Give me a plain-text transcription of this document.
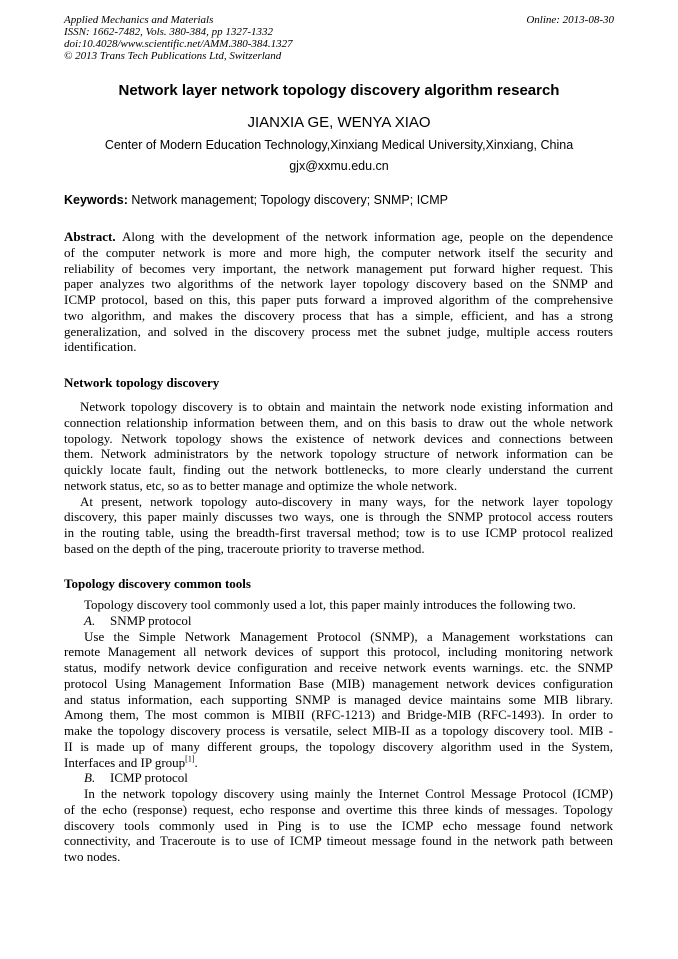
Applied Mechanics and Materials
ISSN: 1662-7482, Vols. 380-384, pp 1327-1332
doi:10.4028/www.scientific.net/AMM.380-384.1327
© 2013 Trans Tech Publications Ltd, Switzerland
Online: 2013-08-30
Network layer network topology discovery algorithm research
JIANXIA GE, WENYA XIAO
Center of Modern Education Technology,Xinxiang Medical University,Xinxiang, China
gjx@xxmu.edu.cn
Keywords: Network management; Topology discovery; SNMP; ICMP
Abstract. Along with the development of the network information age, people on the dependence
of the computer network is more and more high, the computer network itself the security and
reliability of becomes very important, the network management put forward higher request. This
paper analyzes two algorithms of the network layer topology discovery based on the SNMP and
ICMP protocol, based on this, this paper puts forward a improved algorithm of the comprehensive
two algorithm, and makes the discovery process that has a simple, efficient, and has a strong
generalization, and solved in the discovery process met the subnet judge, multiple access routers
identification.
Network topology discovery
Network topology discovery is to obtain and maintain the network node existing information and
connection relationship information between them, and on this basis to draw out the whole network
topology. Network topology shows the existence of network devices and connections between
them. Network administrators by the network topology structure of network information can be
quickly locate fault, finding out the network bottlenecks, to more clearly understand the current
network status, etc, so as to better manage and optimize the whole network.
At present, network topology auto-discovery in many ways, for the network layer topology
discovery, this paper mainly discusses two ways, one is through the SNMP protocol access routers
in the routing table, using the breadth-first traversal method; tow is to use ICMP protocol realized
based on the depth of the ping, traceroute priority to traverse method.
Topology discovery common tools
Topology discovery tool commonly used a lot, this paper mainly introduces the following two.
A. SNMP protocol
Use the Simple Network Management Protocol (SNMP), a Management workstations can
remote Management all network devices of support this protocol, including monitoring network
status, modify network device configuration and receive network events warnings. etc. the SNMP
protocol Using Management Information Base (MIB) management network devices configuration
and status information, each supporting SNMP is managed device maintains some MIB library.
Among them, The most common is MIBII (RFC-1213) and Bridge-MIB (RFC-1493). In order to
make the topology discovery process is versatile, select MIB-II as a topology discovery tool. MIB -
II is made up of many different groups, the topology discovery algorithm used in the System,
Interfaces and IP group[1].
B. ICMP protocol
In the network topology discovery using mainly the Internet Control Message Protocol (ICMP)
of the echo (response) request, echo response and overtime this three kinds of messages. Topology
discovery tools commonly used in Ping is to use the ICMP echo message found network
connectivity, and Traceroute is to use of ICMP timeout message found in the network path between
two nodes.
